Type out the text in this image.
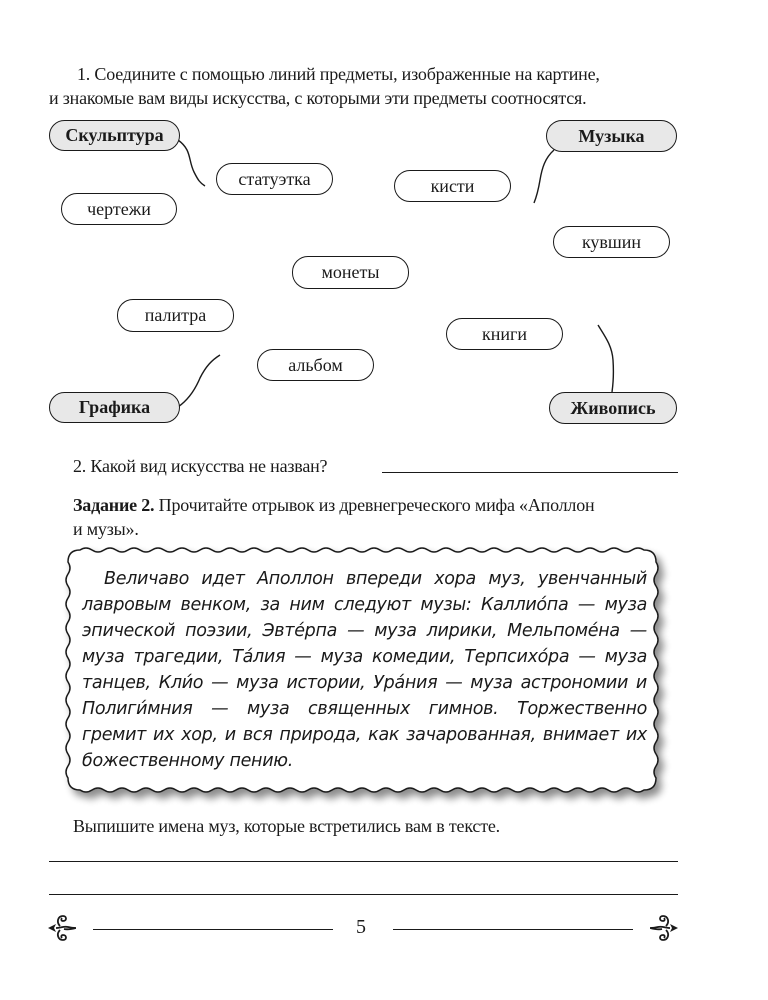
1. Соедините с помощью линий предметы, изображенные на картине,
и знакомые вам виды искусства, с которыми эти предметы соотносятся.
Скульптура	Музыка
Графика	Живопись
статуэтка	кисти
чертежи
кувшин
монеты
палитра
книги
альбом
2. Какой вид искусства не назван?
Задание 2. Прочитайте отрывок из древнегреческого мифа «Аполлон
и музы».

Величаво идет Аполлон впереди хора муз, увенчанный лавровым венком, за ним следуют музы: Каллио́па — муза эпической поэзии, Эвте́рпа — муза лирики, Мельпоме́на — муза трагедии, Та́лия — муза комедии, Терпсихо́ра — муза танцев, Кли́о — муза истории, Ура́ния — муза астрономии и Полиги́мния — муза священных гимнов. Торжественно гремит их хор, и вся природа, как зачарованная, внимает их божественному пению.

Выпишите имена муз, которые встретились вам в тексте.
5
